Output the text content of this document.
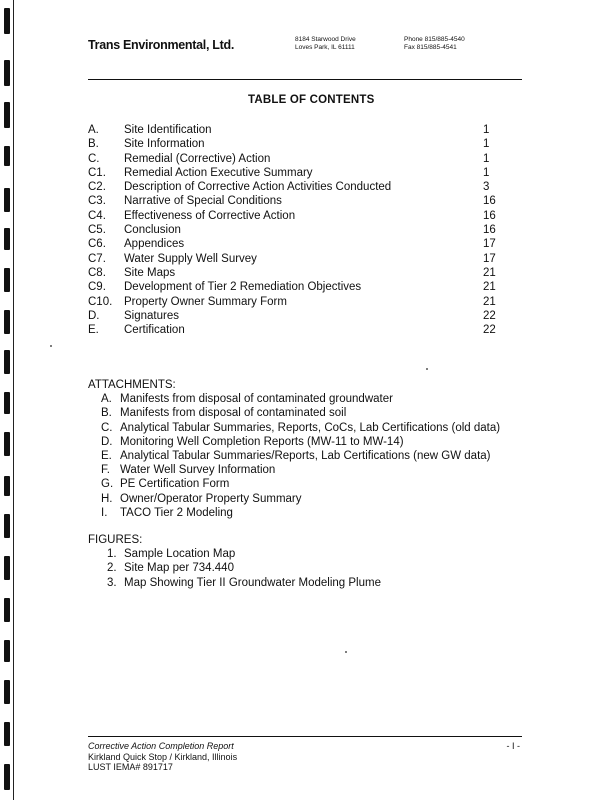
Trans Environmental, Ltd.	8184 Starwood Drive
Loves Park, IL 61111
Phone 815/885-4540
Fax 815/885-4541
TABLE OF CONTENTS
A. Site Identification	1
B. Site Information	1
C. Remedial (Corrective) Action	1
C1. Remedial Action Executive Summary	1
C2. Description of Corrective Action Activities Conducted	3
C3. Narrative of Special Conditions	16
C4. Effectiveness of Corrective Action	16
C5. Conclusion	16
C6. Appendices	17
C7. Water Supply Well Survey	17
C8. Site Maps	21
C9. Development of Tier 2 Remediation Objectives	21
C10. Property Owner Summary Form	21
D. Signatures	22
E. Certification	22
ATTACHMENTS:
A. Manifests from disposal of contaminated groundwater
B. Manifests from disposal of contaminated soil
C. Analytical Tabular Summaries, Reports, CoCs, Lab Certifications (old data)
D. Monitoring Well Completion Reports (MW-11 to MW-14)
E. Analytical Tabular Summaries/Reports, Lab Certifications (new GW data)
F. Water Well Survey Information
G. PE Certification Form
H. Owner/Operator Property Summary
I. TACO Tier 2 Modeling
FIGURES:
1. Sample Location Map
2. Site Map per 734.440
3. Map Showing Tier II Groundwater Modeling Plume
Corrective Action Completion Report
Kirkland Quick Stop / Kirkland, Illinois
LUST IEMA# 891717
- I -
